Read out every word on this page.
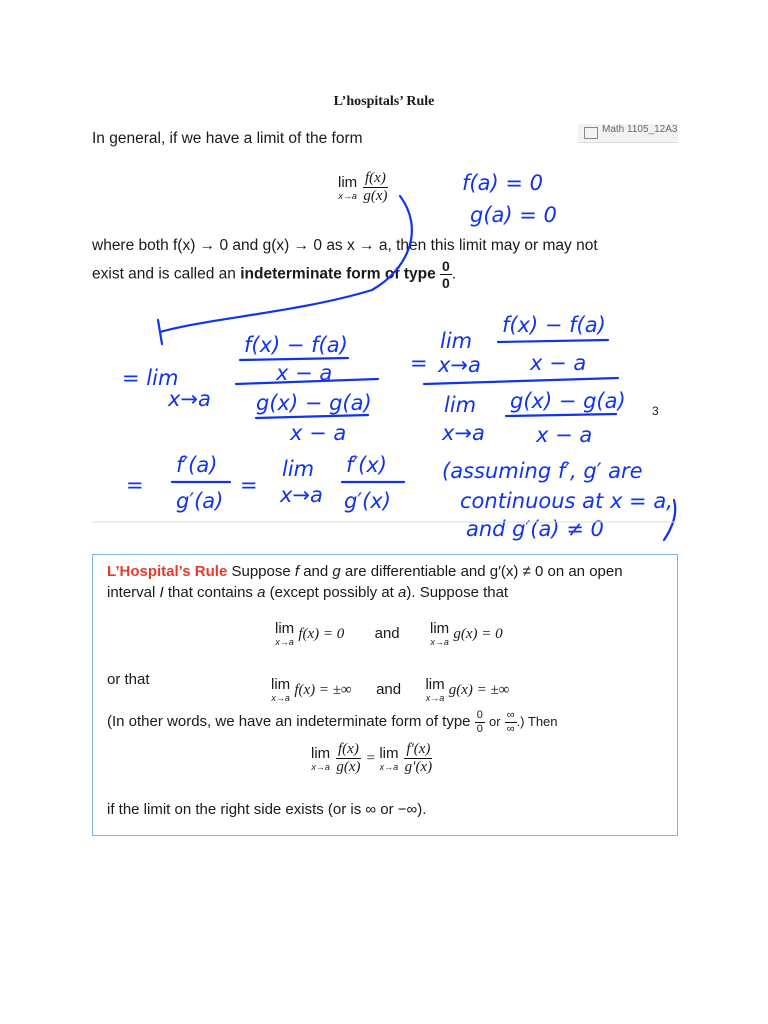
L’hospitals’ Rule
Math 1105_12A3
In general, if we have a limit of the form
lim
x→a
$\frac{f(x)}{g(x)}$
where both f(x) → 0 and g(x) → 0 as x → a, then this limit may or may not
exist and is called an indeterminate form of type $\frac{0}{0}$ .
f(a) = 0
g(a) = 0
= lim
x→a
f(x) − f(a)
x − a
g(x) − g(a)
x − a
=
lim
x→a
f(x) − f(a)
x − a
lim
x→a
g(x) − g(a)
x − a
=
f′(a)
g′(a)
=
lim
x→a
f′(x)
g′(x)
(assuming f′, g′ are
continuous at x = a,
and g′(a) ≠ 0
3
L’Hospital’s Rule Suppose f and g are differentiable and g′(x) ≠ 0 on an open
interval I that contains a (except possibly at a). Suppose that
lim
x→a
f(x) = 0 and lim
x→a
g(x) = 0
or that	lim
x→a
f(x) = ±∞ and lim
x→a
g(x) = ±∞
(In other words, we have an indeterminate form of type $\frac{0}{0}$ or $\frac{\infty}{\infty}$ .) Then
lim
x→a
$\frac{f(x)}{g(x)} = \lim$
x→a
$\frac{f'(x)}{g'(x)}$
if the limit on the right side exists (or is ∞ or −∞).
